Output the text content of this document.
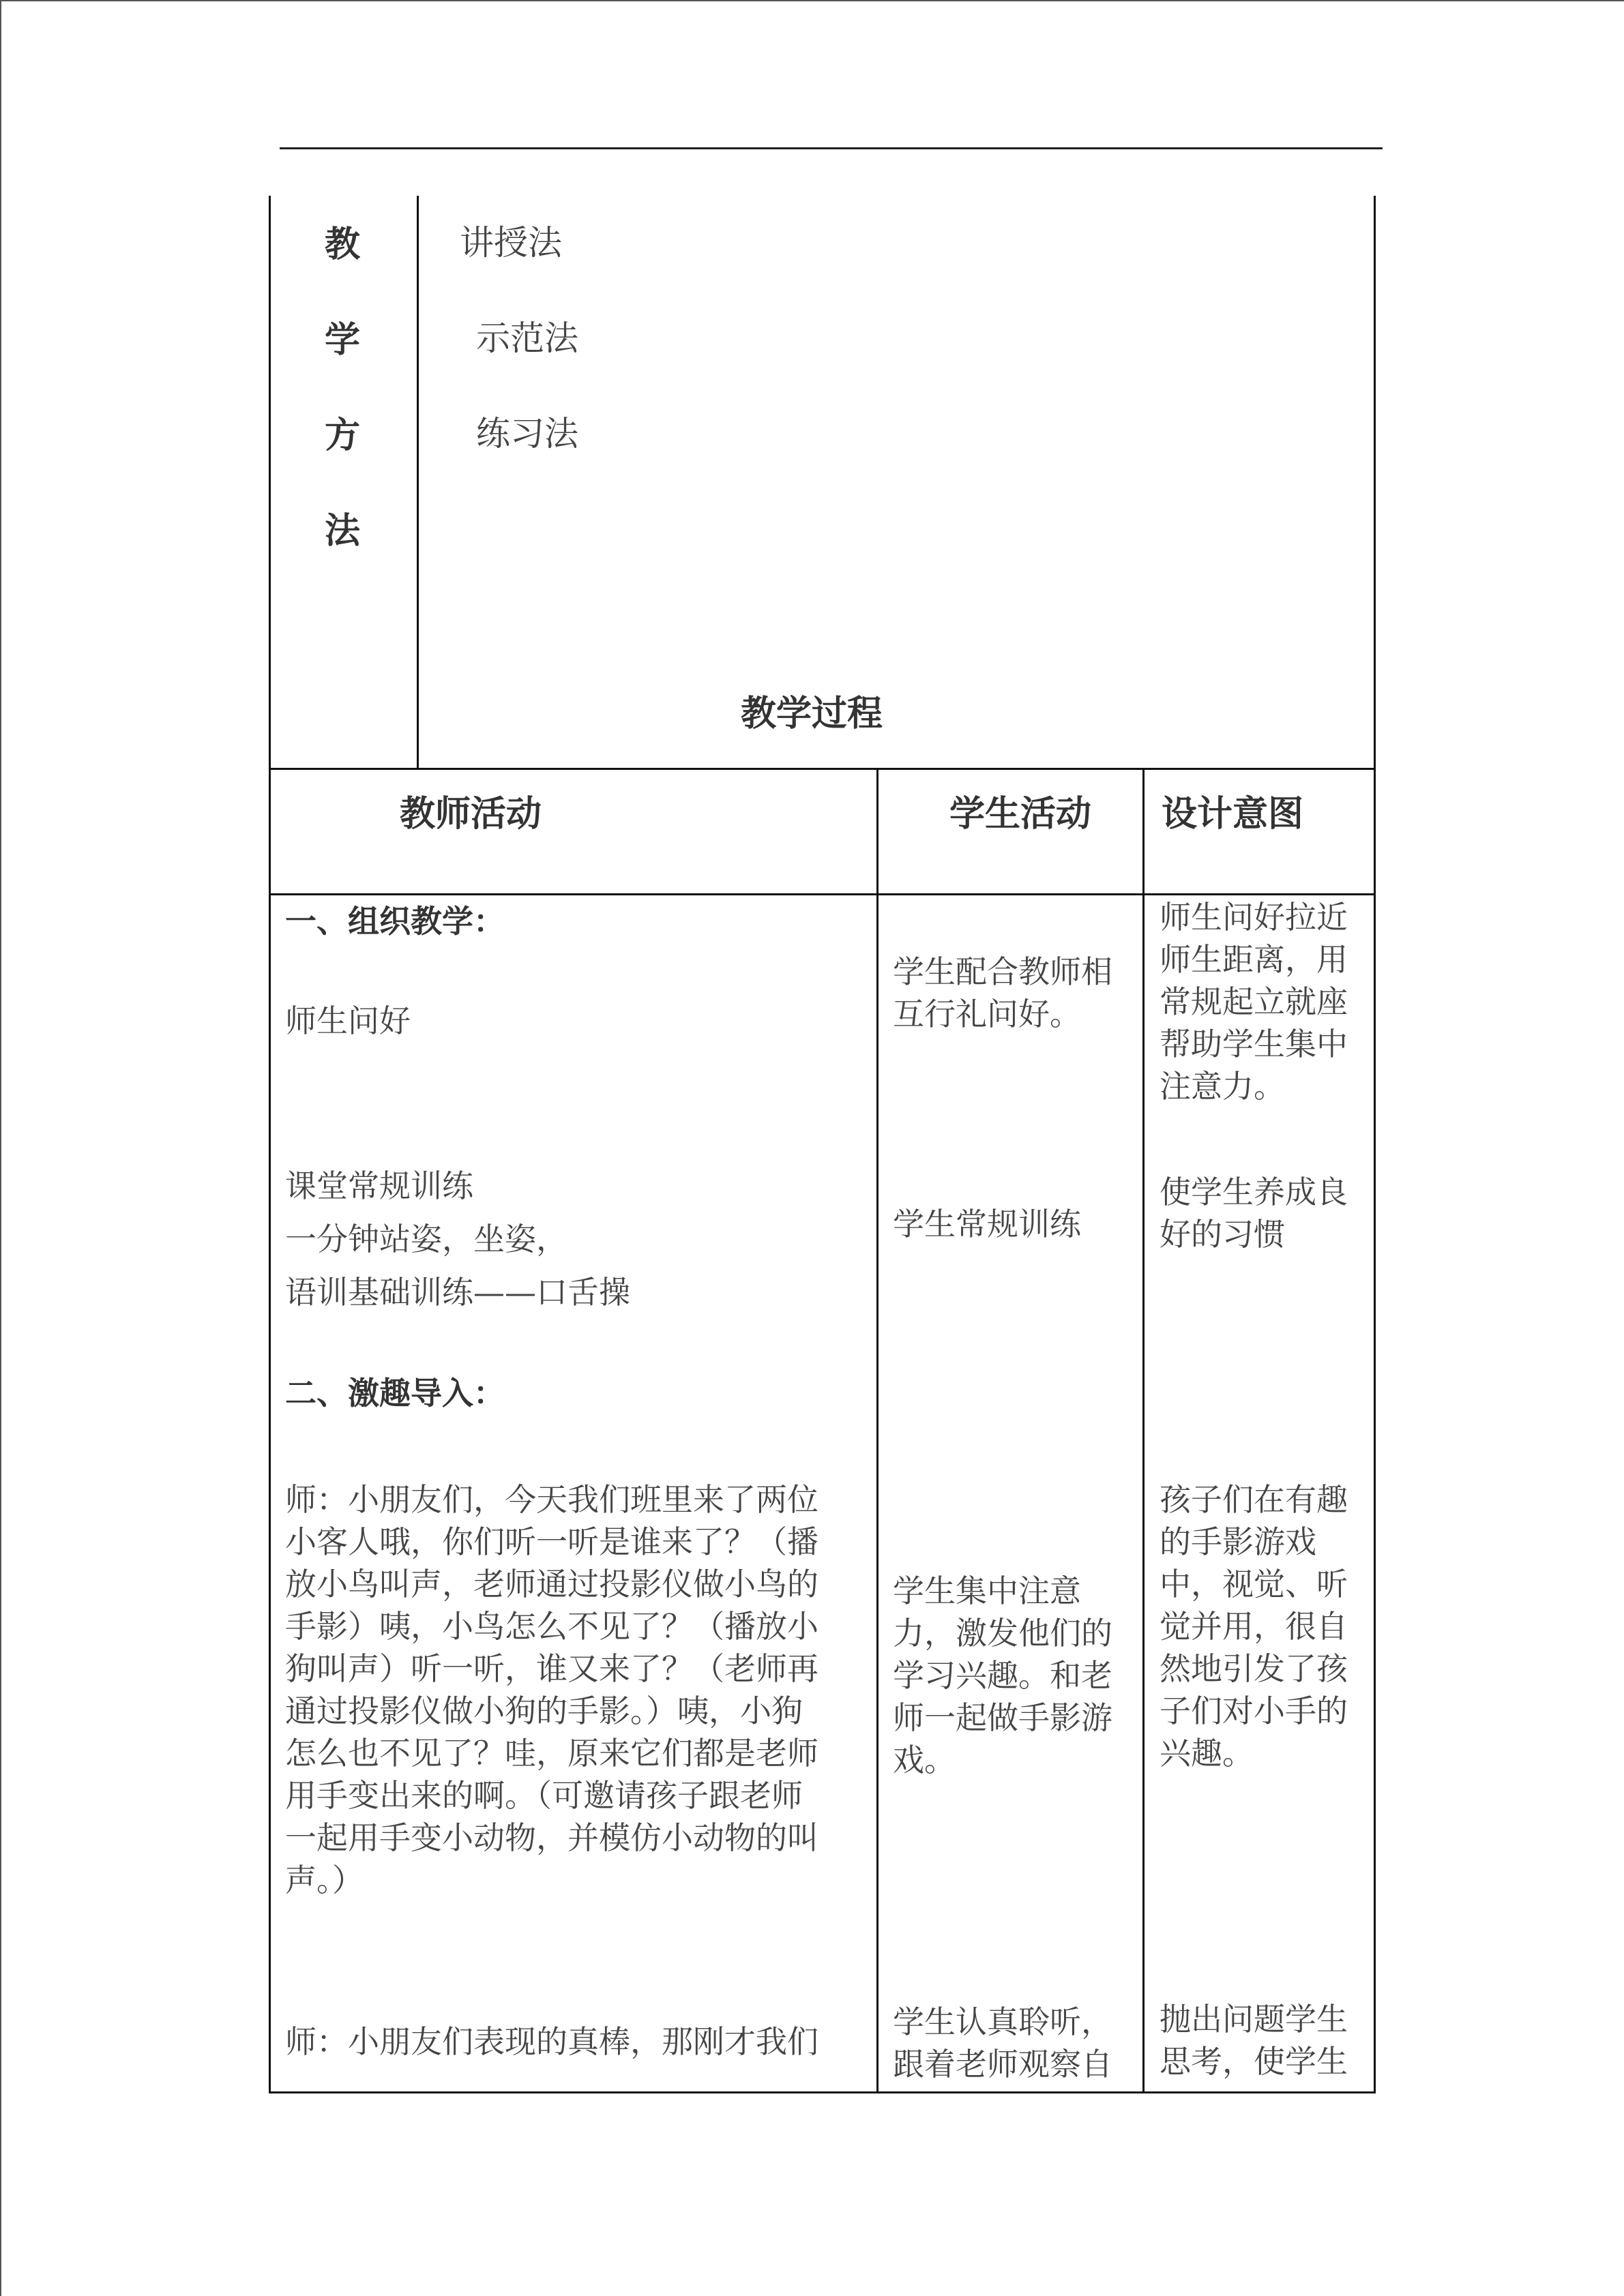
教
学
方
法
讲授法
示范法
练习法
教学过程
教师活动	学生活动 设计意图
一、组织教学：
师生问好
学生配合教师相
互行礼问好。
师生问好拉近
师生距离，用
常规起立就座
帮助学生集中
注意力。
课堂常规训练
一分钟站姿，坐姿，
语训基础训练——口舌操
学生常规训练
使学生养成良
好的习惯
二、激趣导入：
师：小朋友们，今天我们班里来了两位
小客人哦，你们听一听是谁来了？（播
放小鸟叫声，老师通过投影仪做小鸟的
手影）咦，小鸟怎么不见了？（播放小
狗叫声）听一听，谁又来了？（老师再
通过投影仪做小狗的手影。）咦，小狗
怎么也不见了？哇，原来它们都是老师
用手变出来的啊。（可邀请孩子跟老师
一起用手变小动物，并模仿小动物的叫
声。）
学生集中注意
力，激发他们的
学习兴趣。和老
师一起做手影游
戏。
孩子们在有趣
的手影游戏
中，视觉、听
觉并用，很自
然地引发了孩
子们对小手的
兴趣。
师：小朋友们表现的真棒，那刚才我们
学生认真聆听，
跟着老师观察自
抛出问题学生
思考，使学生
